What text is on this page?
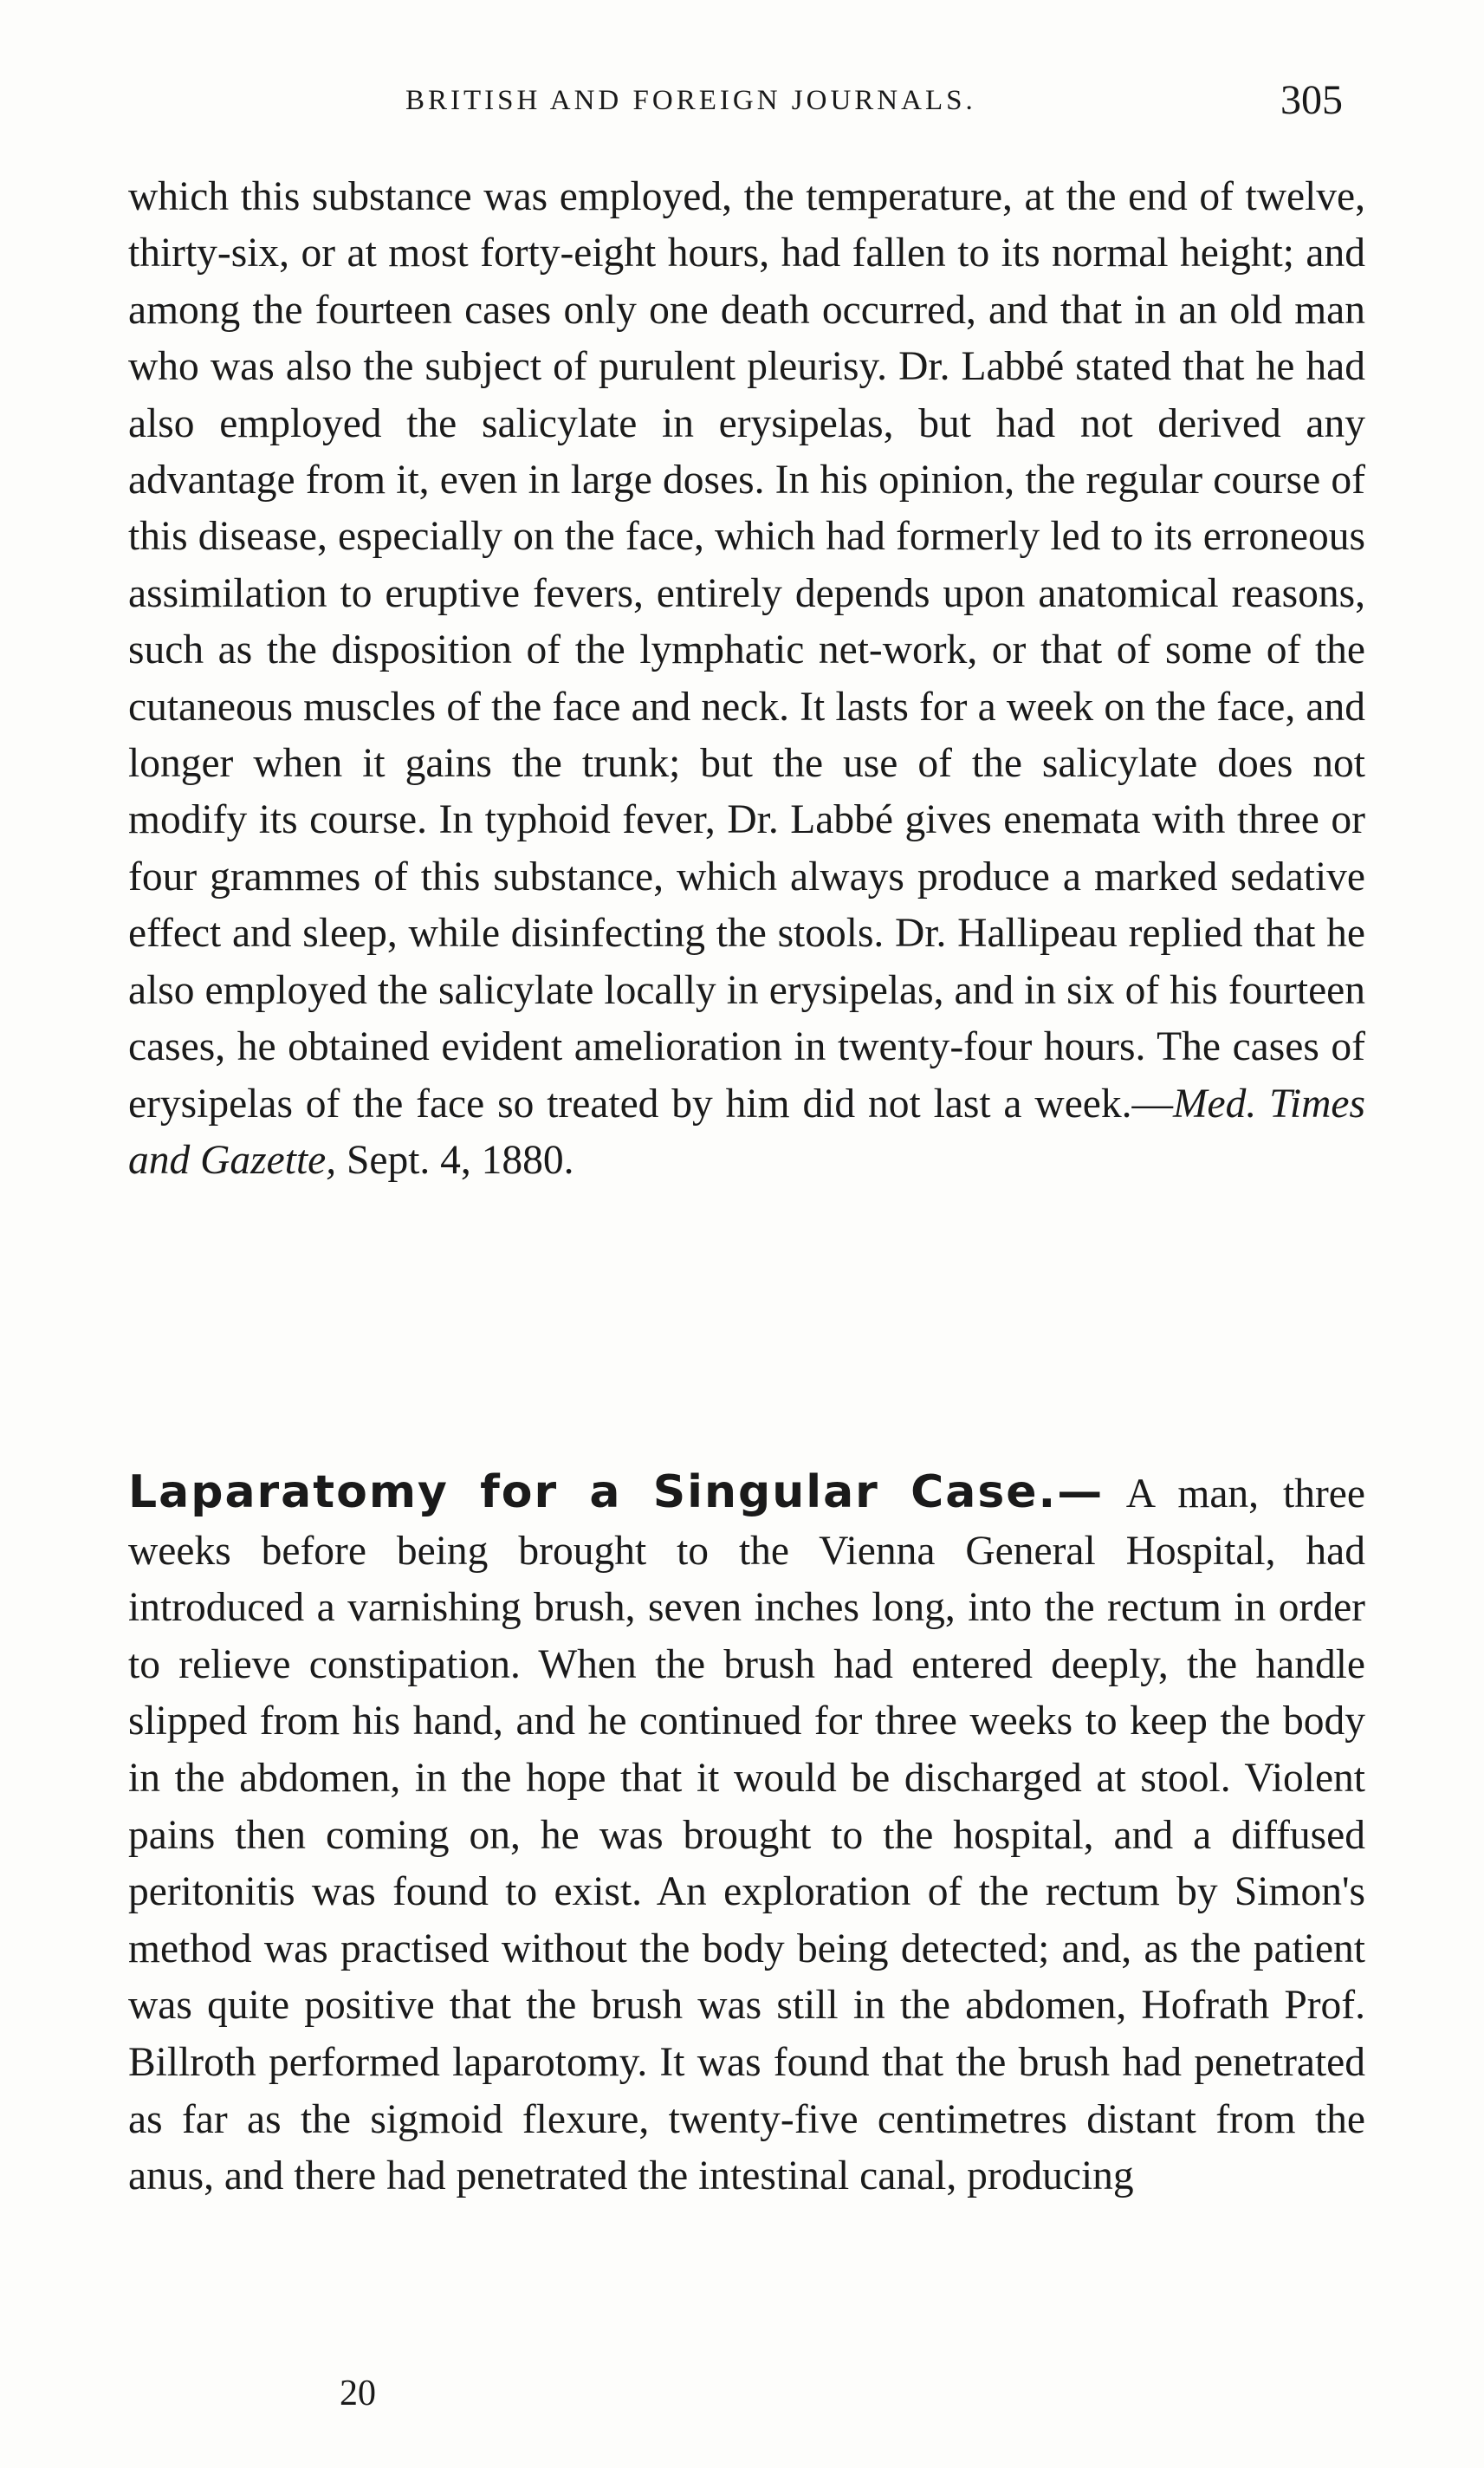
BRITISH AND FOREIGN JOURNALS.	305

which this substance was employed, the temperature, at the end of twelve, thirty-six, or at most forty-eight hours, had fallen to its normal height; and among the fourteen cases only one death occurred, and that in an old man who was also the subject of purulent pleurisy. Dr. Labbé stated that he had also employed the salicylate in erysipelas, but had not derived any advantage from it, even in large doses. In his opinion, the regular course of this disease, especially on the face, which had formerly led to its erroneous assimilation to eruptive fevers, entirely depends upon anatomical reasons, such as the disposition of the lymphatic net-work, or that of some of the cutaneous muscles of the face and neck. It lasts for a week on the face, and longer when it gains the trunk; but the use of the salicylate does not modify its course. In typhoid fever, Dr. Labbé gives enemata with three or four grammes of this substance, which always produce a marked sedative effect and sleep, while disinfecting the stools. Dr. Hallipeau replied that he also employed the salicylate locally in erysipelas, and in six of his fourteen cases, he obtained evident amelioration in twenty-four hours. The cases of erysipelas of the face so treated by him did not last a week.—Med. Times and Gazette, Sept. 4, 1880.

Laparatomy for a Singular Case.— A man, three weeks before being brought to the Vienna General Hospital, had introduced a varnishing brush, seven inches long, into the rectum in order to relieve constipation. When the brush had entered deeply, the handle slipped from his hand, and he continued for three weeks to keep the body in the abdomen, in the hope that it would be discharged at stool. Violent pains then coming on, he was brought to the hospital, and a diffused peritonitis was found to exist. An exploration of the rectum by Simon's method was practised without the body being detected; and, as the patient was quite positive that the brush was still in the abdomen, Hofrath Prof. Billroth performed laparotomy. It was found that the brush had penetrated as far as the sigmoid flexure, twenty-five centimetres distant from the anus, and there had penetrated the intestinal canal, producing

20
